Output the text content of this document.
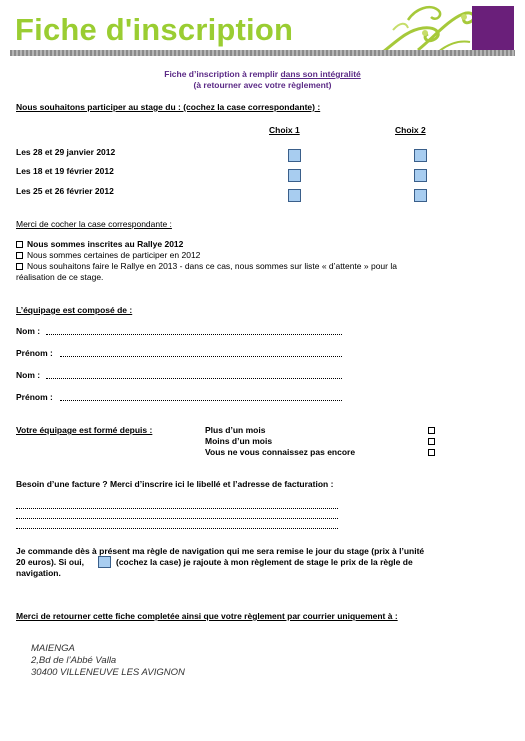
Fiche d'inscription
Fiche d’inscription à remplir dans son intégralité
(à retourner avec votre règlement)
Nous souhaitons participer au stage du : (cochez la case correspondante) :
Choix 1	Choix 2
Les 28 et 29 janvier 2012
Les 18 et 19 février 2012
Les 25 et 26 février 2012
Merci de cocher la case correspondante :
Nous sommes inscrites au Rallye 2012
Nous sommes certaines de participer en 2012
Nous souhaitons faire le Rallye en 2013 - dans ce cas, nous sommes sur liste « d’attente » pour la
réalisation de ce stage.
L’équipage est composé de :
Nom :
Prénom :
Nom :
Prénom :
Votre équipage est formé depuis :	Plus d’un mois
Moins d’un mois
Vous ne vous connaissez pas encore
Besoin d’une facture ? Merci d’inscrire ici le libellé et l’adresse de facturation :
Je commande dès à présent ma règle de navigation qui me sera remise le jour du stage (prix à l’unité
20 euros). Si oui,	(cochez la case) je rajoute à mon règlement de stage le prix de la règle de
navigation.
Merci de retourner cette fiche completée ainsi que votre règlement par courrier uniquement à :
MAIENGA
2,Bd de l’Abbé Valla
30400 VILLENEUVE LES AVIGNON
